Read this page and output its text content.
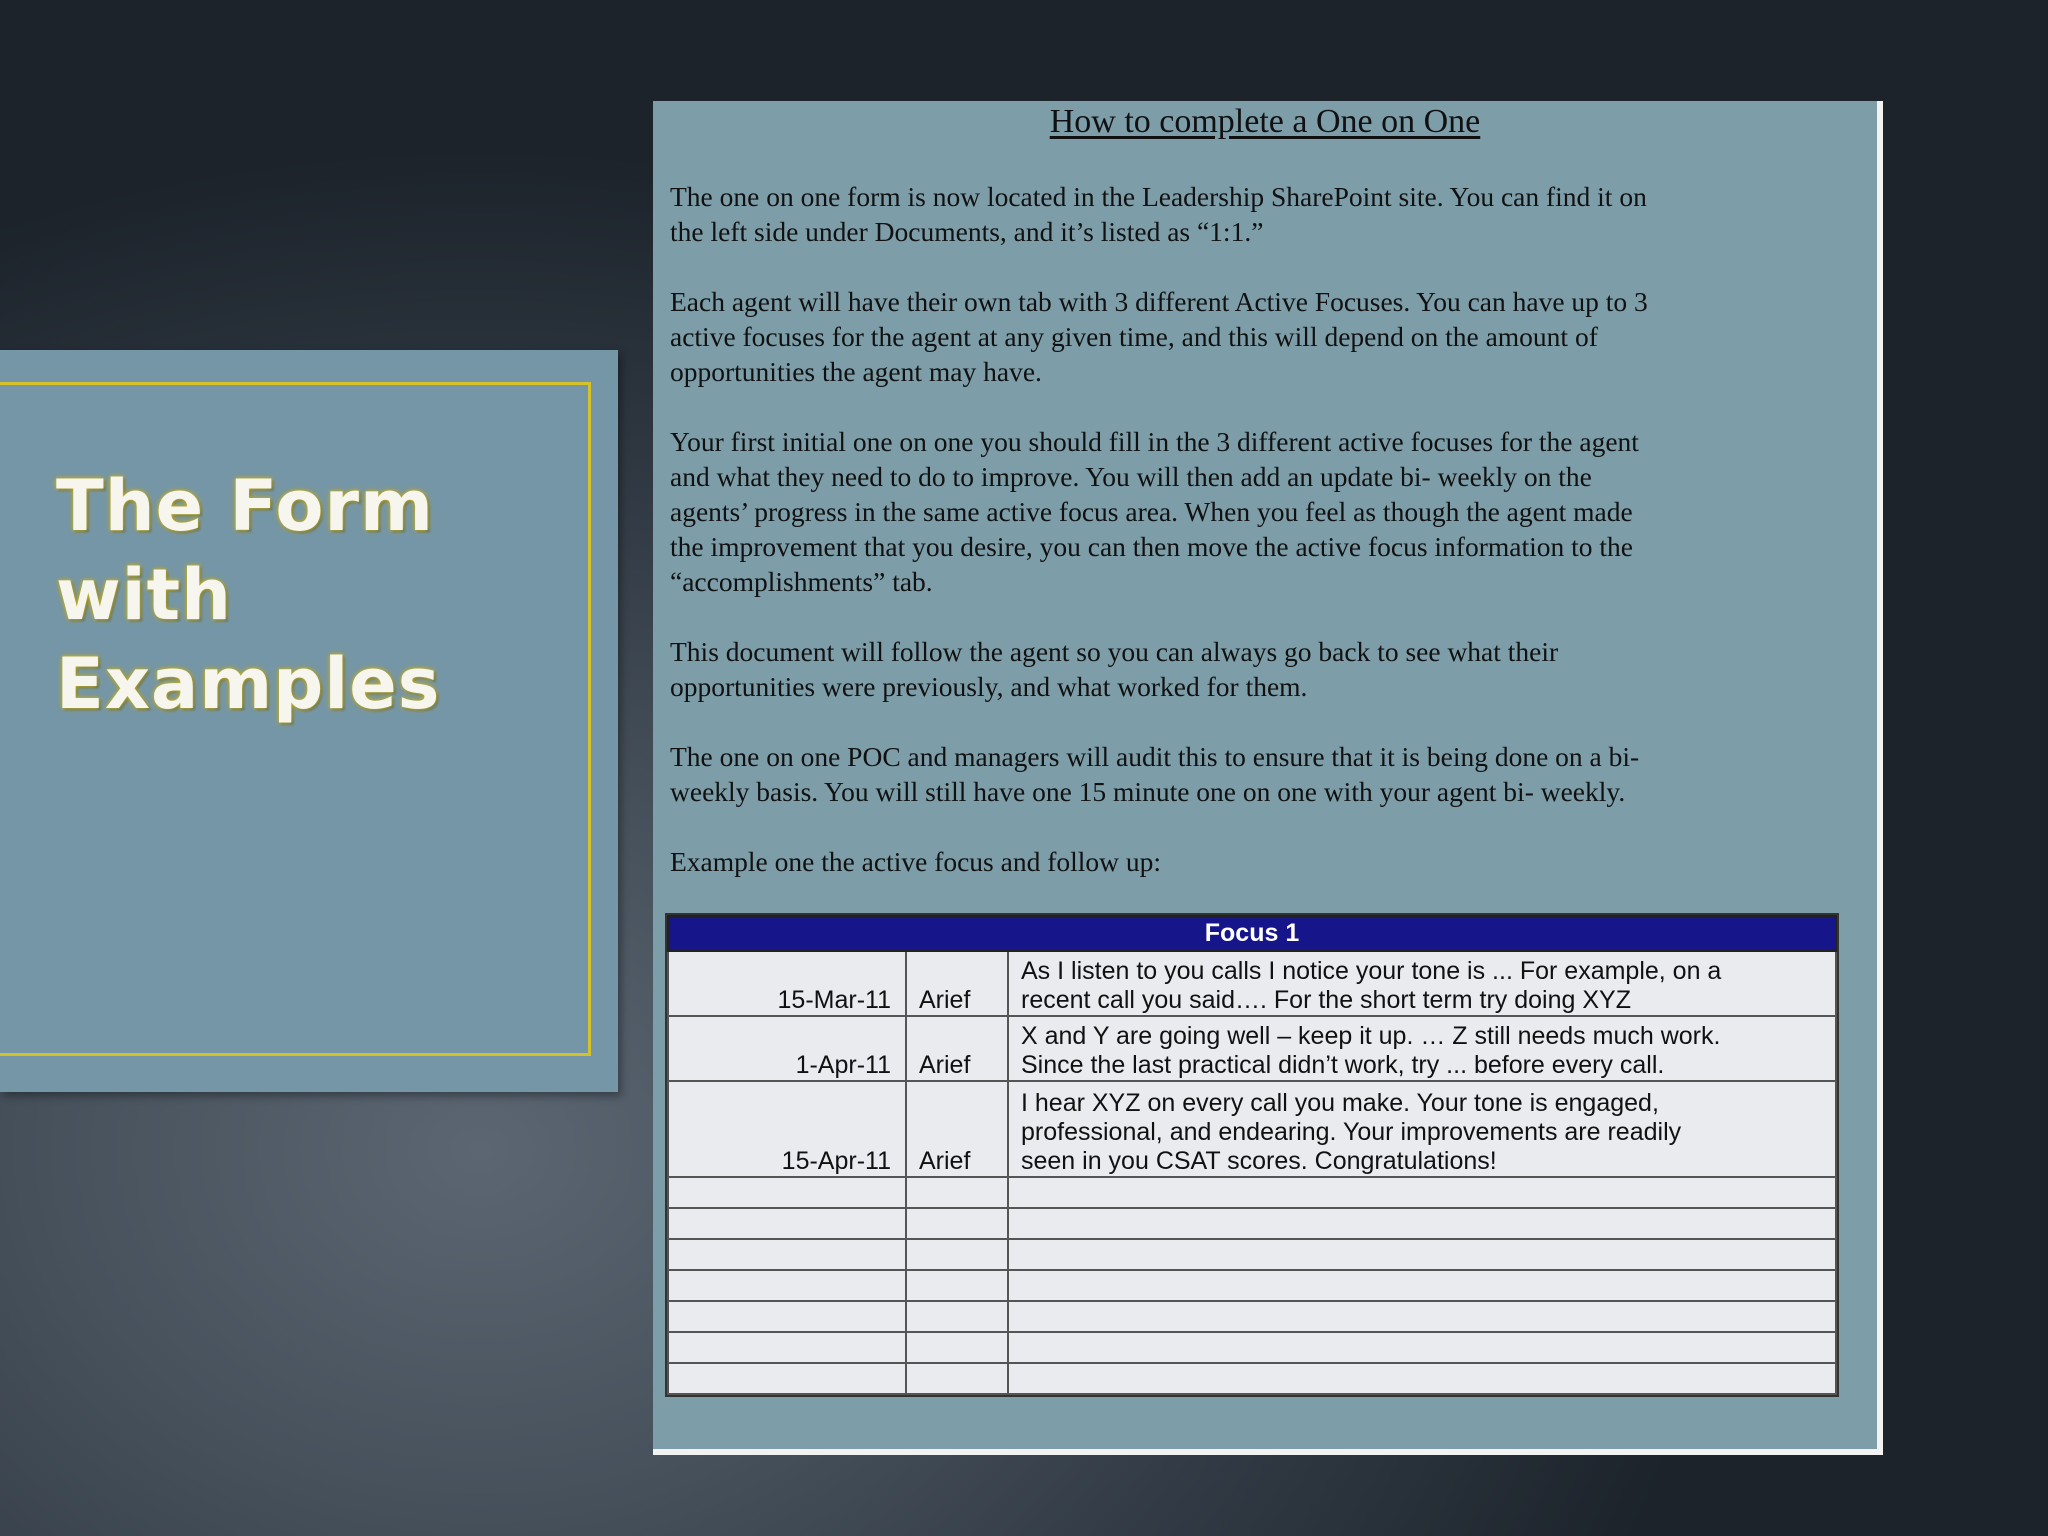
The Form
with
Examples
How to complete a One on One
The one on one form is now located in the Leadership SharePoint site. You can find it on
the left side under Documents, and it’s listed as “1:1.”
Each agent will have their own tab with 3 different Active Focuses. You can have up to 3
active focuses for the agent at any given time, and this will depend on the amount of
opportunities the agent may have.
Your first initial one on one you should fill in the 3 different active focuses for the agent
and what they need to do to improve. You will then add an update bi- weekly on the
agents’ progress in the same active focus area. When you feel as though the agent made
the improvement that you desire, you can then move the active focus information to the
“accomplishments” tab.
This document will follow the agent so you can always go back to see what their
opportunities were previously, and what worked for them.
The one on one POC and managers will audit this to ensure that it is being done on a bi-
weekly basis. You will still have one 15 minute one on one with your agent bi- weekly.
Example one the active focus and follow up:
Focus 1		
15-Mar-11	Arief	As I listen to you calls I notice your tone is ... For example, on a
recent call you said…. For the short term try doing XYZ

1-Apr-11	Arief	X and Y are going well – keep it up. … Z still needs much work.
Since the last practical didn’t work, try ... before every call.

15-Apr-11	Arief	I hear XYZ on every call you make. Your tone is engaged,
professional, and endearing. Your improvements are readily
seen in you CSAT scores. Congratulations!
